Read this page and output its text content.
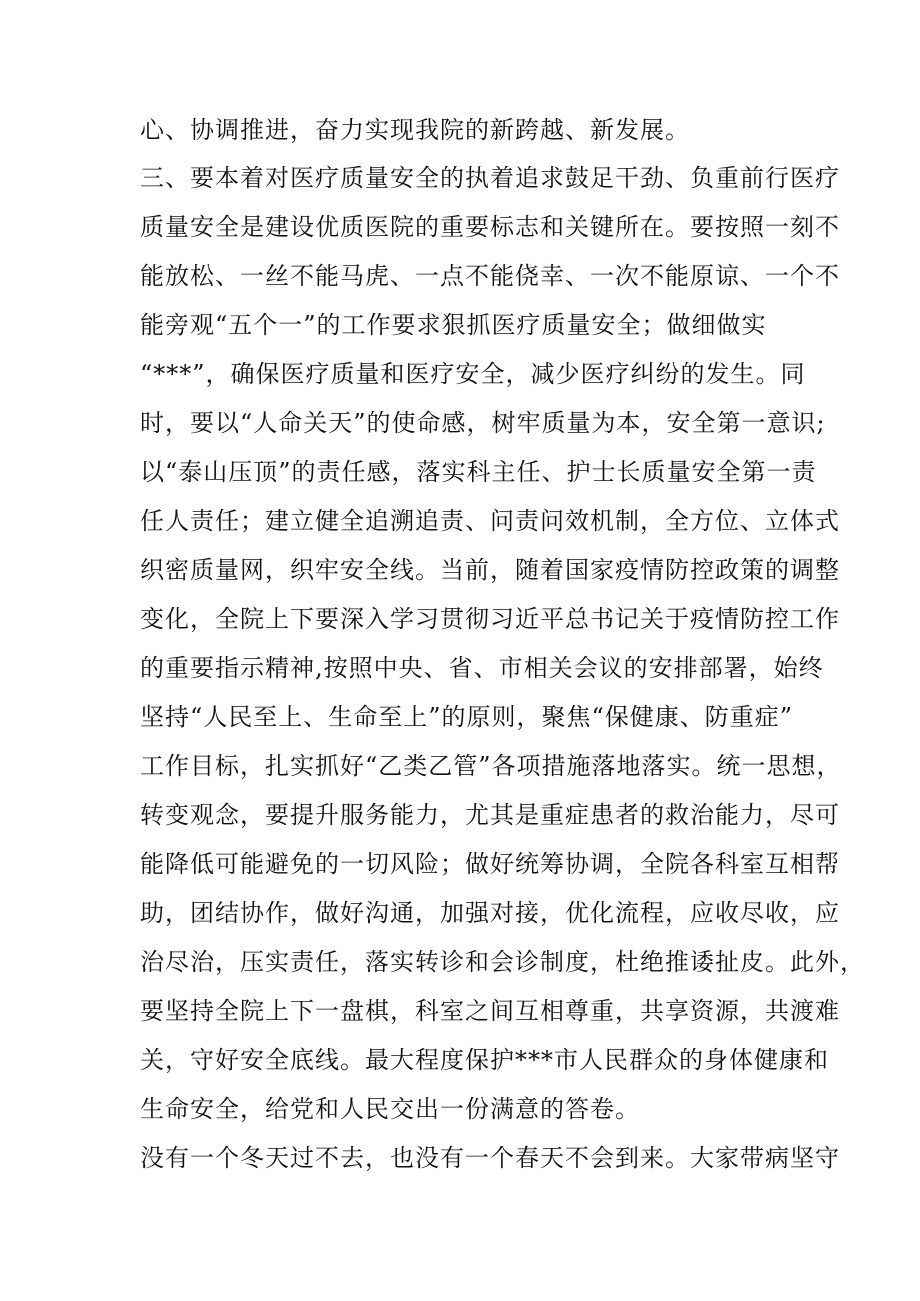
心、协调推进，奋力实现我院的新跨越、新发展。
三、要本着对医疗质量安全的执着追求鼓足干劲、负重前行医疗
质量安全是建设优质医院的重要标志和关键所在。要按照一刻不
能放松、一丝不能马虎、一点不能侥幸、一次不能原谅、一个不
能旁观“五个一”的工作要求狠抓医疗质量安全；做细做实
“***”，确保医疗质量和医疗安全，减少医疗纠纷的发生。同
时，要以“人命关天”的使命感，树牢质量为本，安全第一意识;
以“泰山压顶”的责任感，落实科主任、护士长质量安全第一责
任人责任；建立健全追溯追责、问责问效机制，全方位、立体式
织密质量网，织牢安全线。当前，随着国家疫情防控政策的调整
变化，全院上下要深入学习贯彻习近平总书记关于疫情防控工作
的重要指示精神,按照中央、省、市相关会议的安排部署，始终
坚持“人民至上、生命至上”的原则，聚焦“保健康、防重症”
工作目标，扎实抓好“乙类乙管”各项措施落地落实。统一思想，
转变观念，要提升服务能力，尤其是重症患者的救治能力，尽可
能降低可能避免的一切风险；做好统筹协调，全院各科室互相帮
助，团结协作，做好沟通，加强对接，优化流程，应收尽收，应
治尽治，压实责任，落实转诊和会诊制度，杜绝推诿扯皮。此外，
要坚持全院上下一盘棋，科室之间互相尊重，共享资源，共渡难
关，守好安全底线。最大程度保护***市人民群众的身体健康和
生命安全，给党和人民交出一份满意的答卷。
没有一个冬天过不去，也没有一个春天不会到来。大家带病坚守
